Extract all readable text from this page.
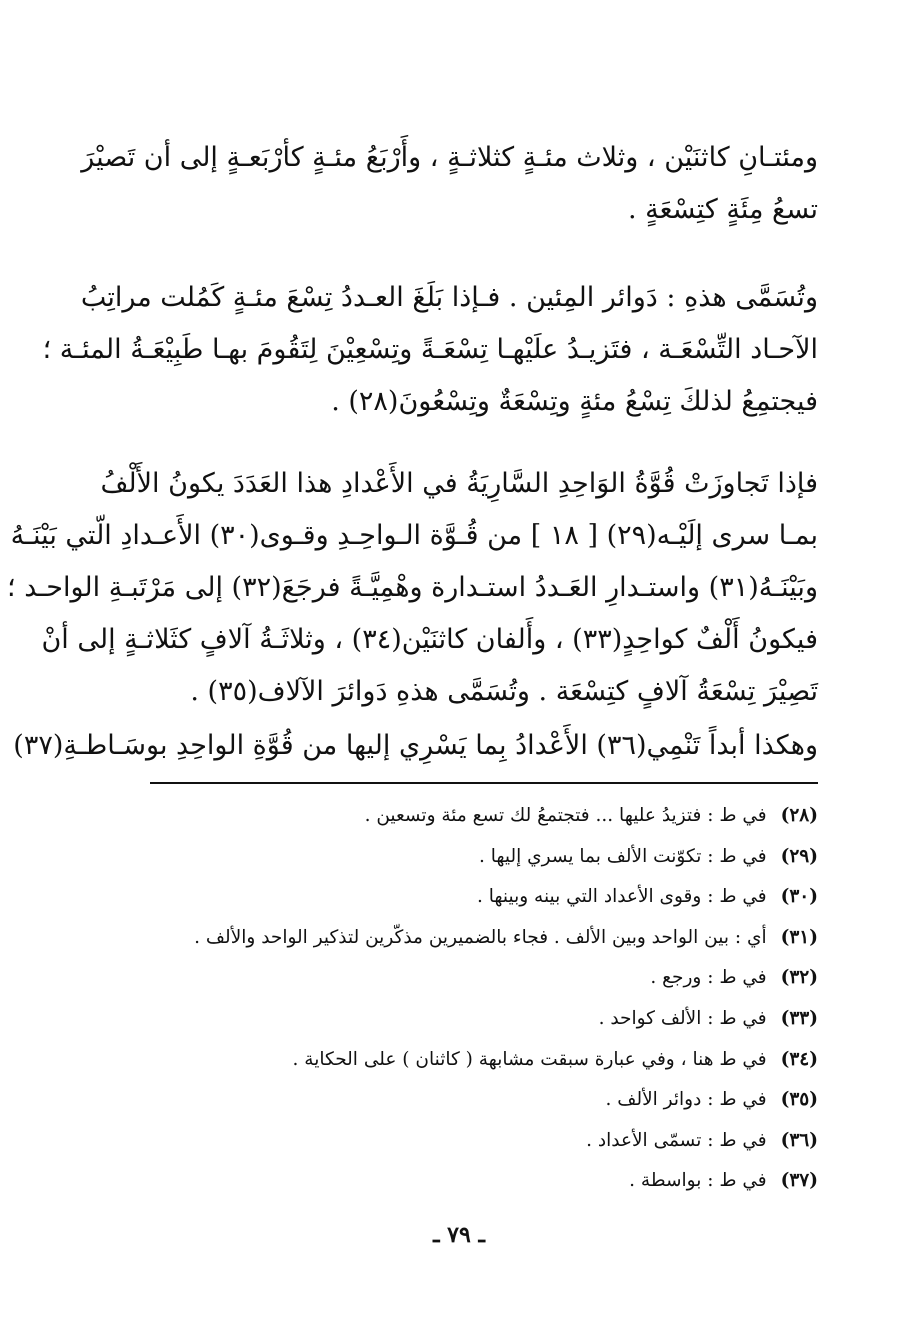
ومئتـانِ كاثنَيْن ، وثلاث مئـةٍ كثلاثـةٍ ، وأَرْبَعُ مئـةٍ كأرْبَعـةٍ إلى أن تَصيْرَ
تسعُ مِئَةٍ كتِسْعَةٍ .
وتُسَمَّى هذهِ : دَوائر المِئين . فـإذا بَلَغَ العـددُ تِسْعَ مئـةٍ كَمُلت مراتِبُ
الآحـاد التِّسْعَـة ، فتَزيـدُ علَيْهـا تِسْعَـةً وتِسْعِيْنَ لِتَقُومَ بهـا طَبِيْعَـةُ المئـة ؛
فيجتمِعُ لذلكَ تِسْعُ مئةٍ وتِسْعَةٌ وتِسْعُونَ(٢٨) .
فإذا تَجاوزَتْ قُوَّةُ الوَاحِدِ السَّارِيَةُ في الأَعْدادِ هذا العَدَدَ يكونُ الأَلْفُ
بمـا سرى إلَيْـه(٢٩) [ ١٨ ] من قُـوَّة الـواحِـدِ وقـوى(٣٠) الأَعـدادِ الّتي بَيْنَـهُ
وبَيْنَـهُ(٣١) واستـدارِ العَـددُ استـدارة وهْمِيَّـةً فرجَعَ(٣٢) إلى مَرْتَبـةِ الواحـد ؛
فيكونُ أَلْفٌ كواحِدٍ(٣٣) ، وأَلفان كاثنَيْن(٣٤) ، وثلاثَـةُ آلافٍ كثَلاثـةٍ إلى أنْ
تَصِيْرَ تِسْعَةُ آلافٍ كتِسْعَة . وتُسَمَّى هذهِ دَوائرَ الآلاف(٣٥) .
وهكذا أبداً تَنْمِي(٣٦) الأَعْدادُ بِما يَسْرِي إليها من قُوَّةِ الواحِدِ بوسَـاطـةِ(٣٧)
(٢٨)
في ط : فتزيدُ عليها ... فتجتمعُ لك تسع مئة وتسعين .
(٢٩)
في ط : تكوّنت الألف بما يسري إليها .
(٣٠)
في ط : وقوى الأعداد التي بينه وبينها .
(٣١)
أي : بين الواحد وبين الألف . فجاء بالضميرين مذكّرين لتذكير الواحد والألف .
(٣٢)
في ط : ورجع .
(٣٣)
في ط : الألف كواحد .
(٣٤)
في ط هنا ، وفي عبارة سبقت مشابهة ( كاثنان ) على الحكاية .
(٣٥)
في ط : دوائر الألف .
(٣٦)
في ط : تسمّى الأعداد .
(٣٧)
في ط : بواسطة .
ـ ٧٩ ـ
